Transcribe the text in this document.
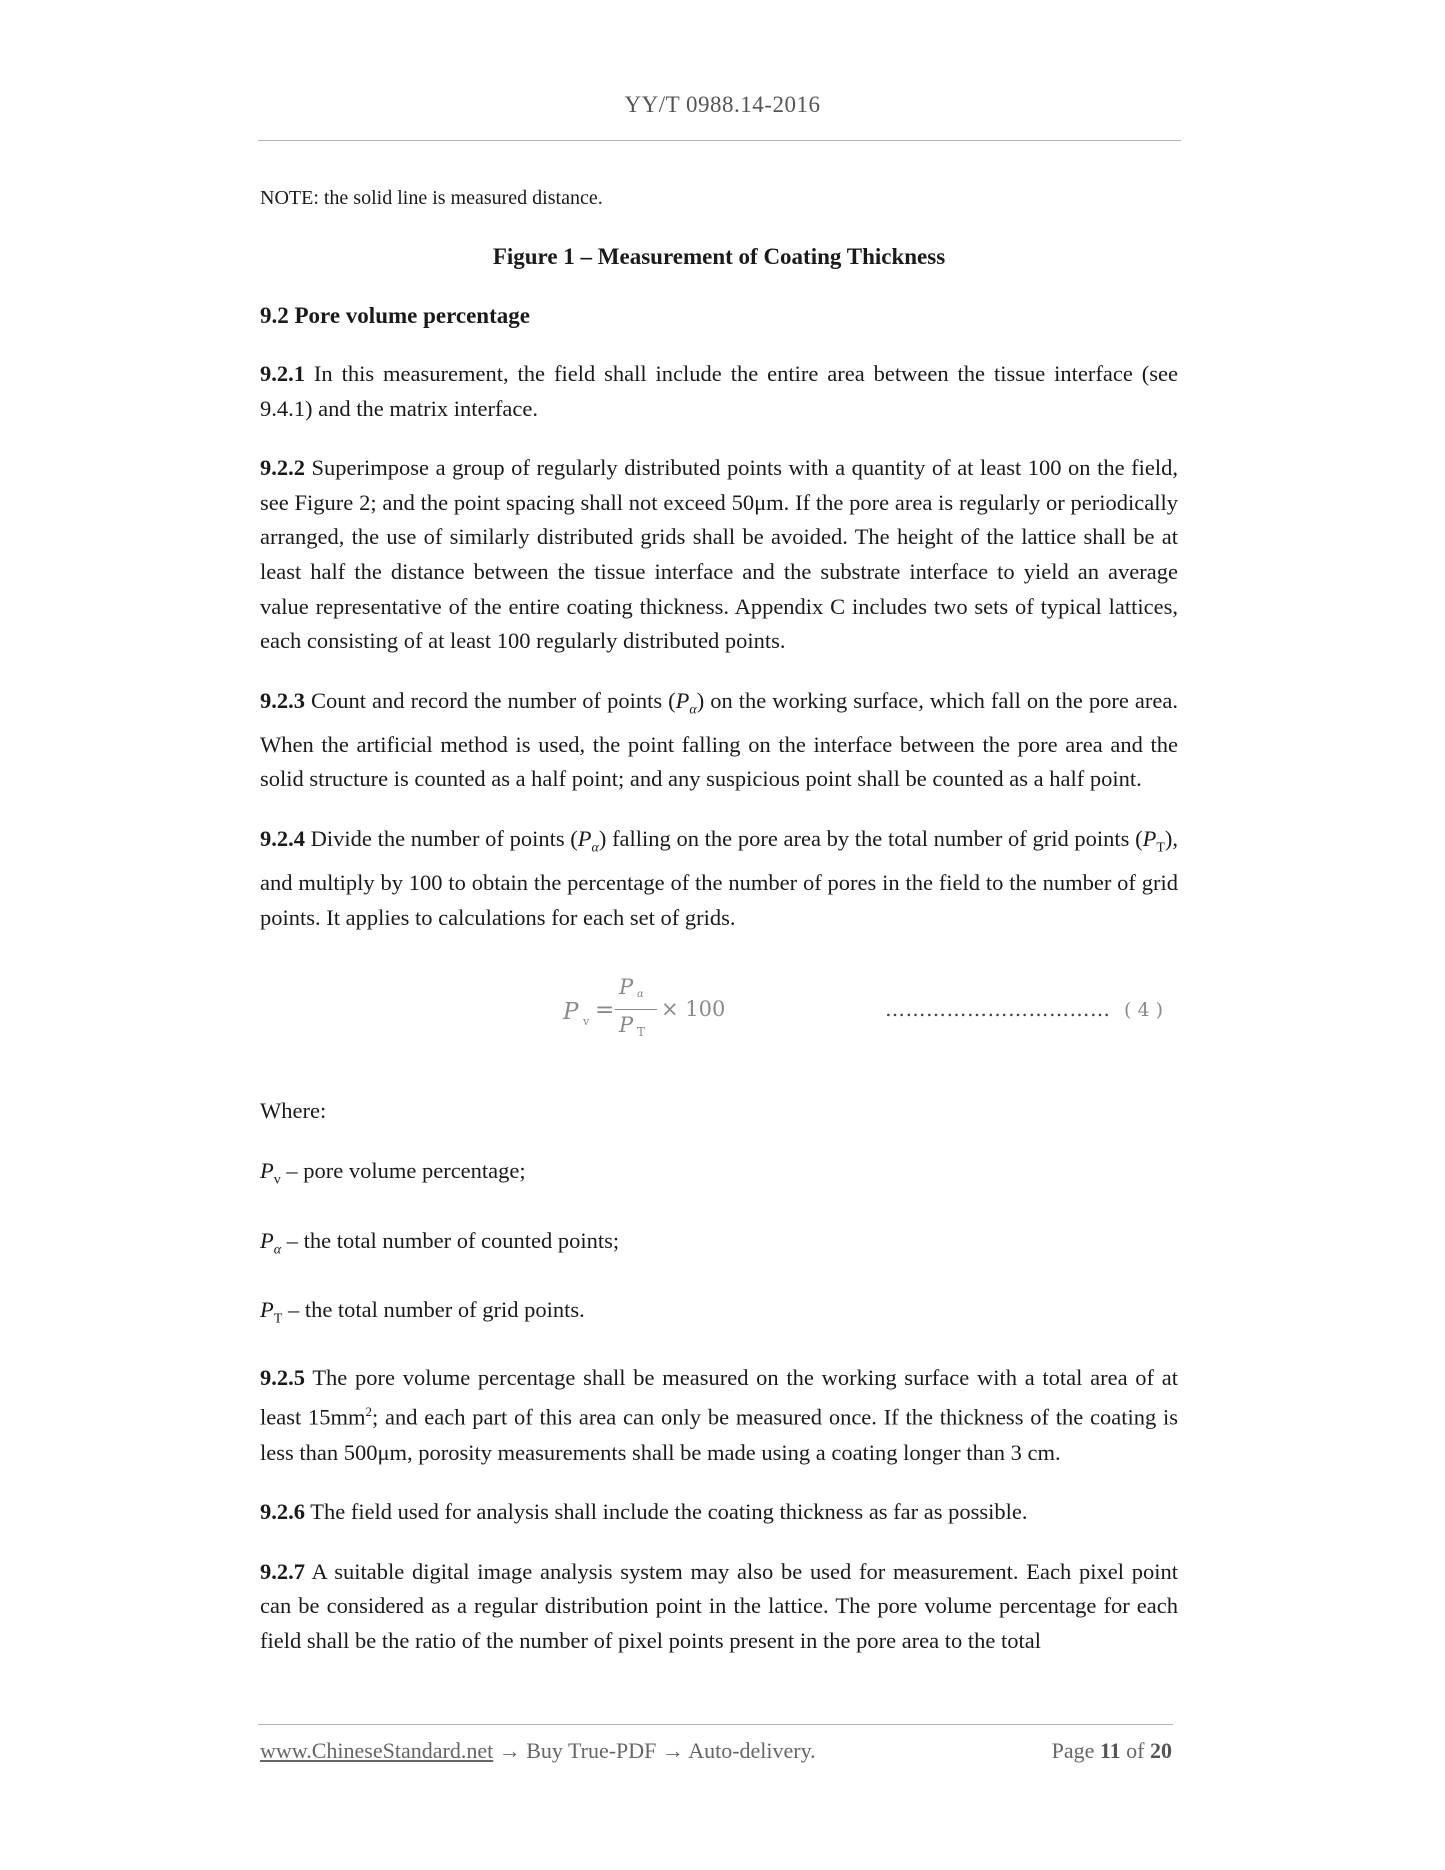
YY/T 0988.14-2016

NOTE: the solid line is measured distance.

Figure 1 – Measurement of Coating Thickness
9.2 Pore volume percentage

9.2.1 In this measurement, the field shall include the entire area between the tissue interface (see 9.4.1) and the matrix interface.

9.2.2 Superimpose a group of regularly distributed points with a quantity of at least 100 on the field, see Figure 2; and the point spacing shall not exceed 50μm. If the pore area is regularly or periodically arranged, the use of similarly distributed grids shall be avoided. The height of the lattice shall be at least half the distance between the tissue interface and the substrate interface to yield an average value representative of the entire coating thickness. Appendix C includes two sets of typical lattices, each consisting of at least 100 regularly distributed points.

9.2.3 Count and record the number of points $(P_\alpha)$ on the working surface, which fall on the pore area. When the artificial method is used, the point falling on the interface between the pore area and the solid structure is counted as a half point; and any suspicious point shall be counted as a half point.

9.2.4 Divide the number of points $(P_\alpha)$ falling on the pore area by the total number of grid points $(P_T)$, and multiply by 100 to obtain the percentage of the number of pores in the field to the number of grid points. It applies to calculations for each set of grids.

P v =
P α
P T
× 100	…………………………… ( 4 )
Where:
$P_v$ – pore volume percentage;
$P_\alpha$ – the total number of counted points;
$P_T$ – the total number of grid points.

9.2.5 The pore volume percentage shall be measured on the working surface with a total area of at least $15mm^2$; and each part of this area can only be measured once. If the thickness of the coating is less than 500μm, porosity measurements shall be made using a coating longer than 3 cm.

9.2.6 The field used for analysis shall include the coating thickness as far as possible.

9.2.7 A suitable digital image analysis system may also be used for measurement. Each pixel point can be considered as a regular distribution point in the lattice. The pore volume percentage for each field shall be the ratio of the number of pixel points present in the pore area to the total

www.ChineseStandard.net → Buy True-PDF → Auto-delivery.	Page 11 of 20
